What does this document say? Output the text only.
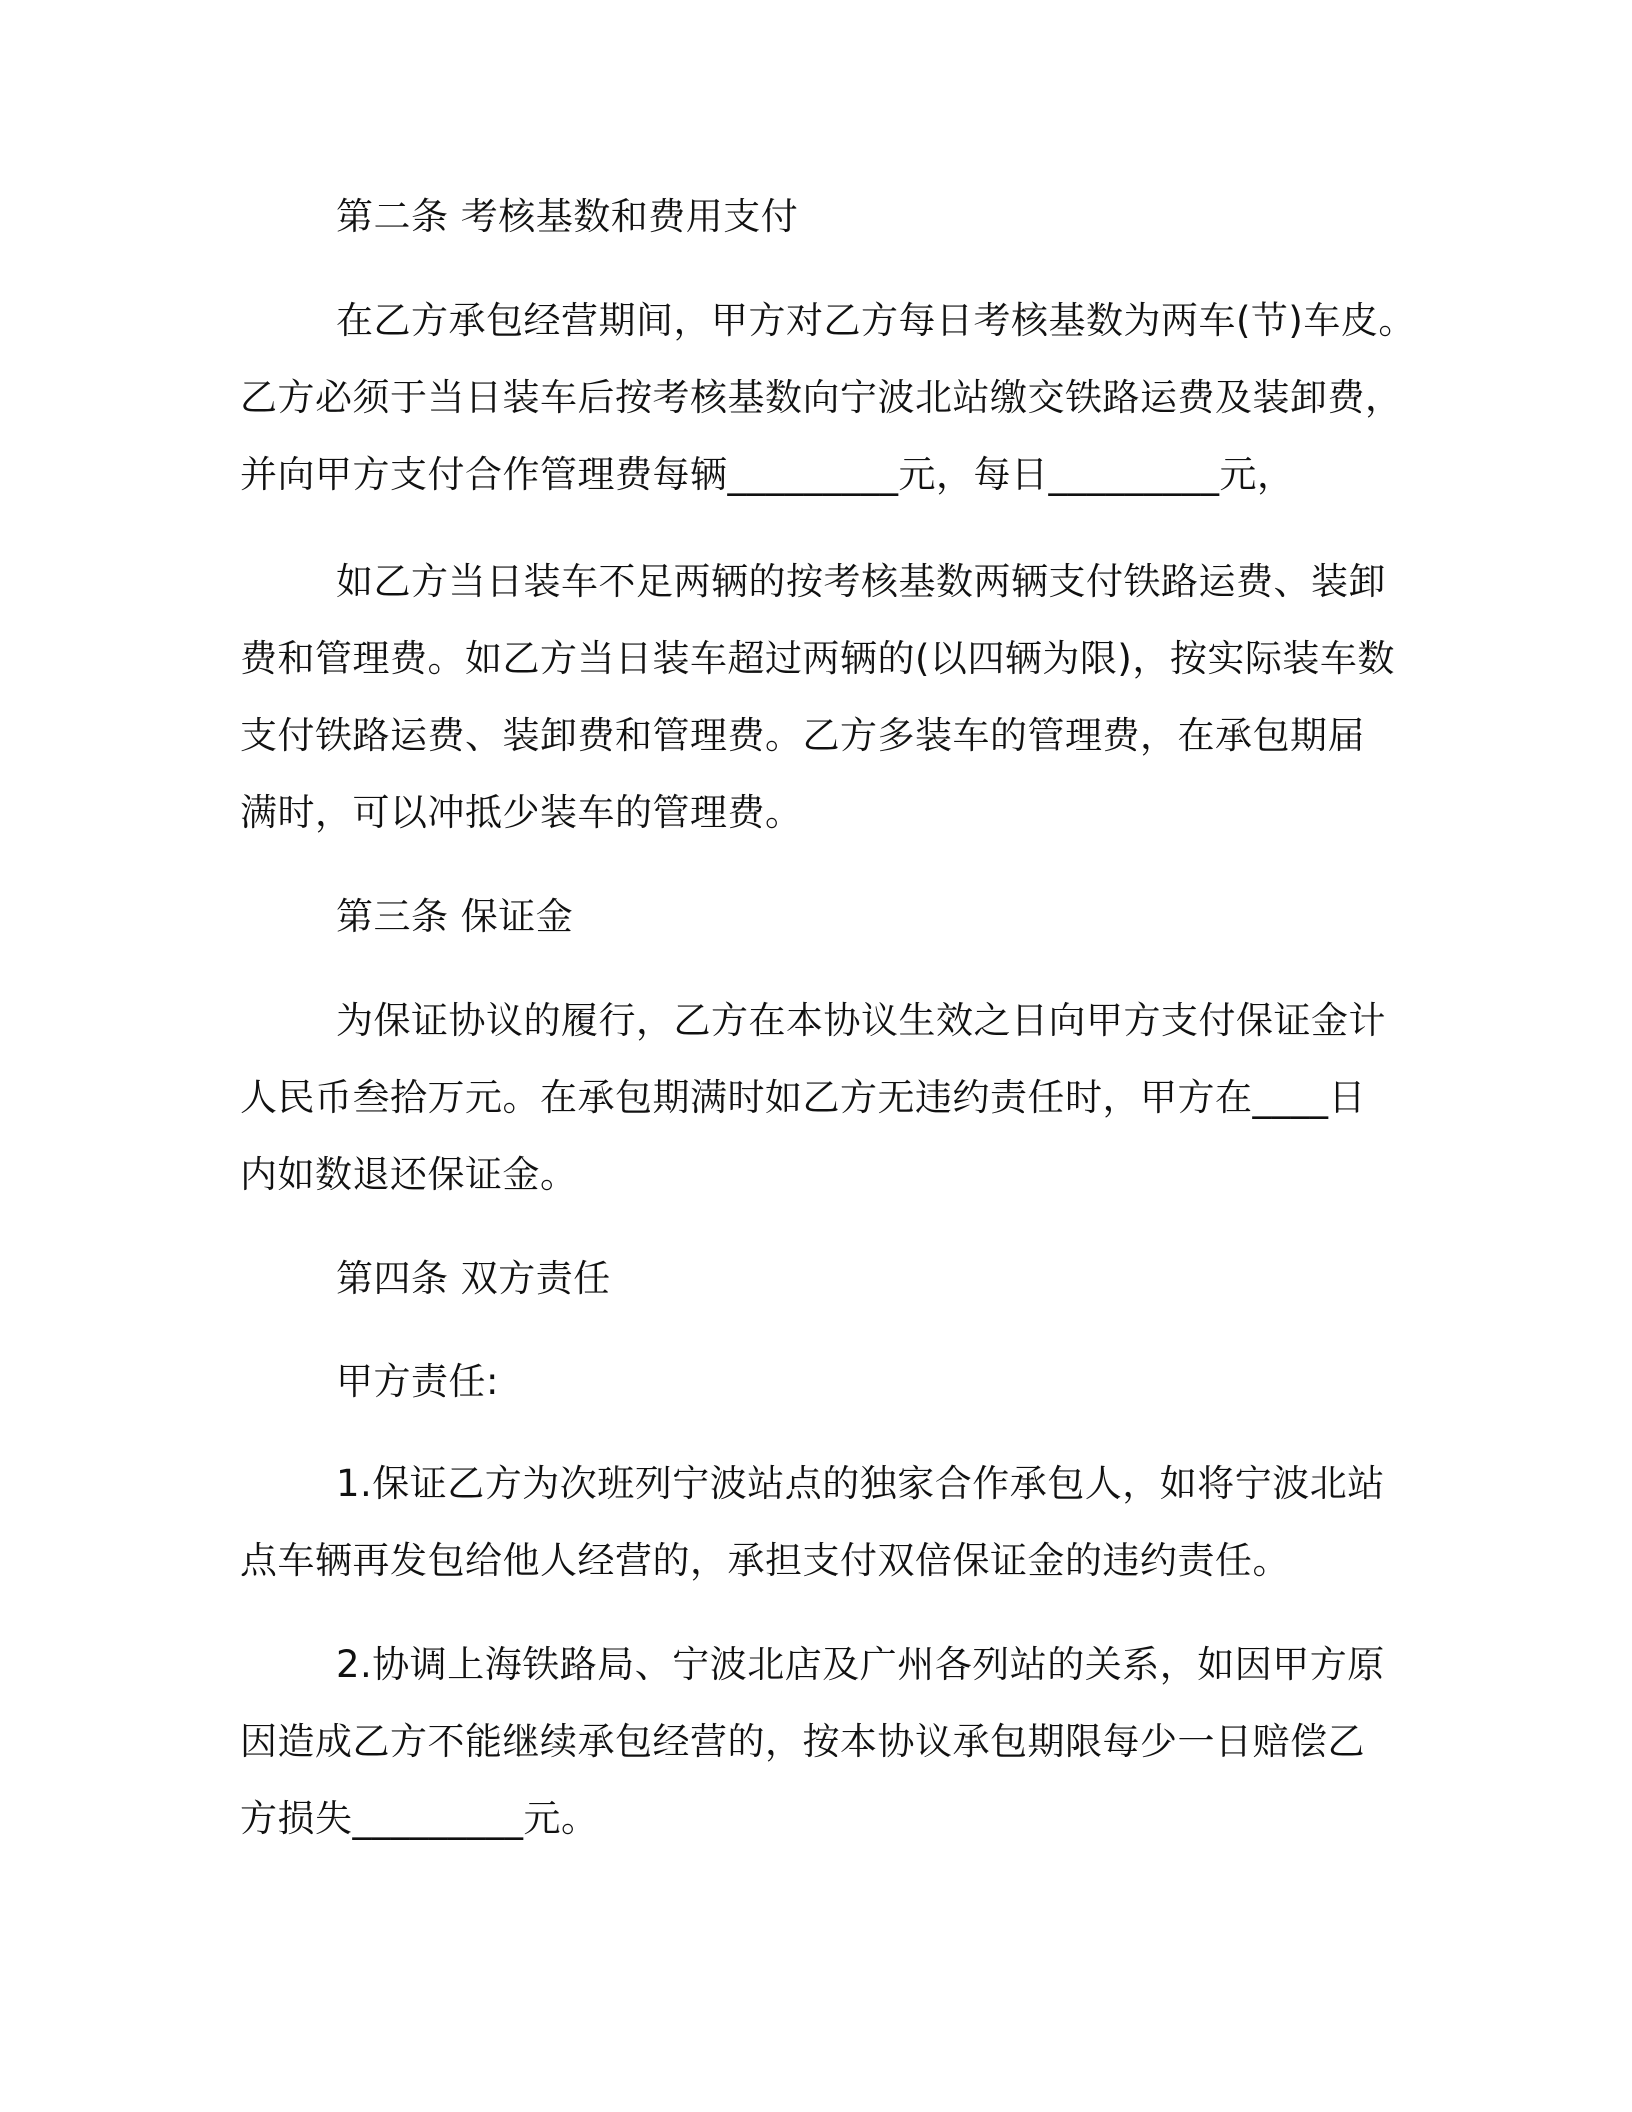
第二条 考核基数和费用支付
在乙方承包经营期间，甲方对乙方每日考核基数为两车(节)车皮。
乙方必须于当日装车后按考核基数向宁波北站缴交铁路运费及装卸费，
并向甲方支付合作管理费每辆_________元，每日_________元，
如乙方当日装车不足两辆的按考核基数两辆支付铁路运费、装卸
费和管理费。如乙方当日装车超过两辆的(以四辆为限)，按实际装车数
支付铁路运费、装卸费和管理费。乙方多装车的管理费，在承包期届
满时，可以冲抵少装车的管理费。
第三条 保证金
为保证协议的履行，乙方在本协议生效之日向甲方支付保证金计
人民币叁拾万元。在承包期满时如乙方无违约责任时，甲方在____日
内如数退还保证金。
第四条 双方责任
甲方责任:
1.保证乙方为次班列宁波站点的独家合作承包人，如将宁波北站
点车辆再发包给他人经营的，承担支付双倍保证金的违约责任。
2.协调上海铁路局、宁波北店及广州各列站的关系，如因甲方原
因造成乙方不能继续承包经营的，按本协议承包期限每少一日赔偿乙
方损失_________元。
